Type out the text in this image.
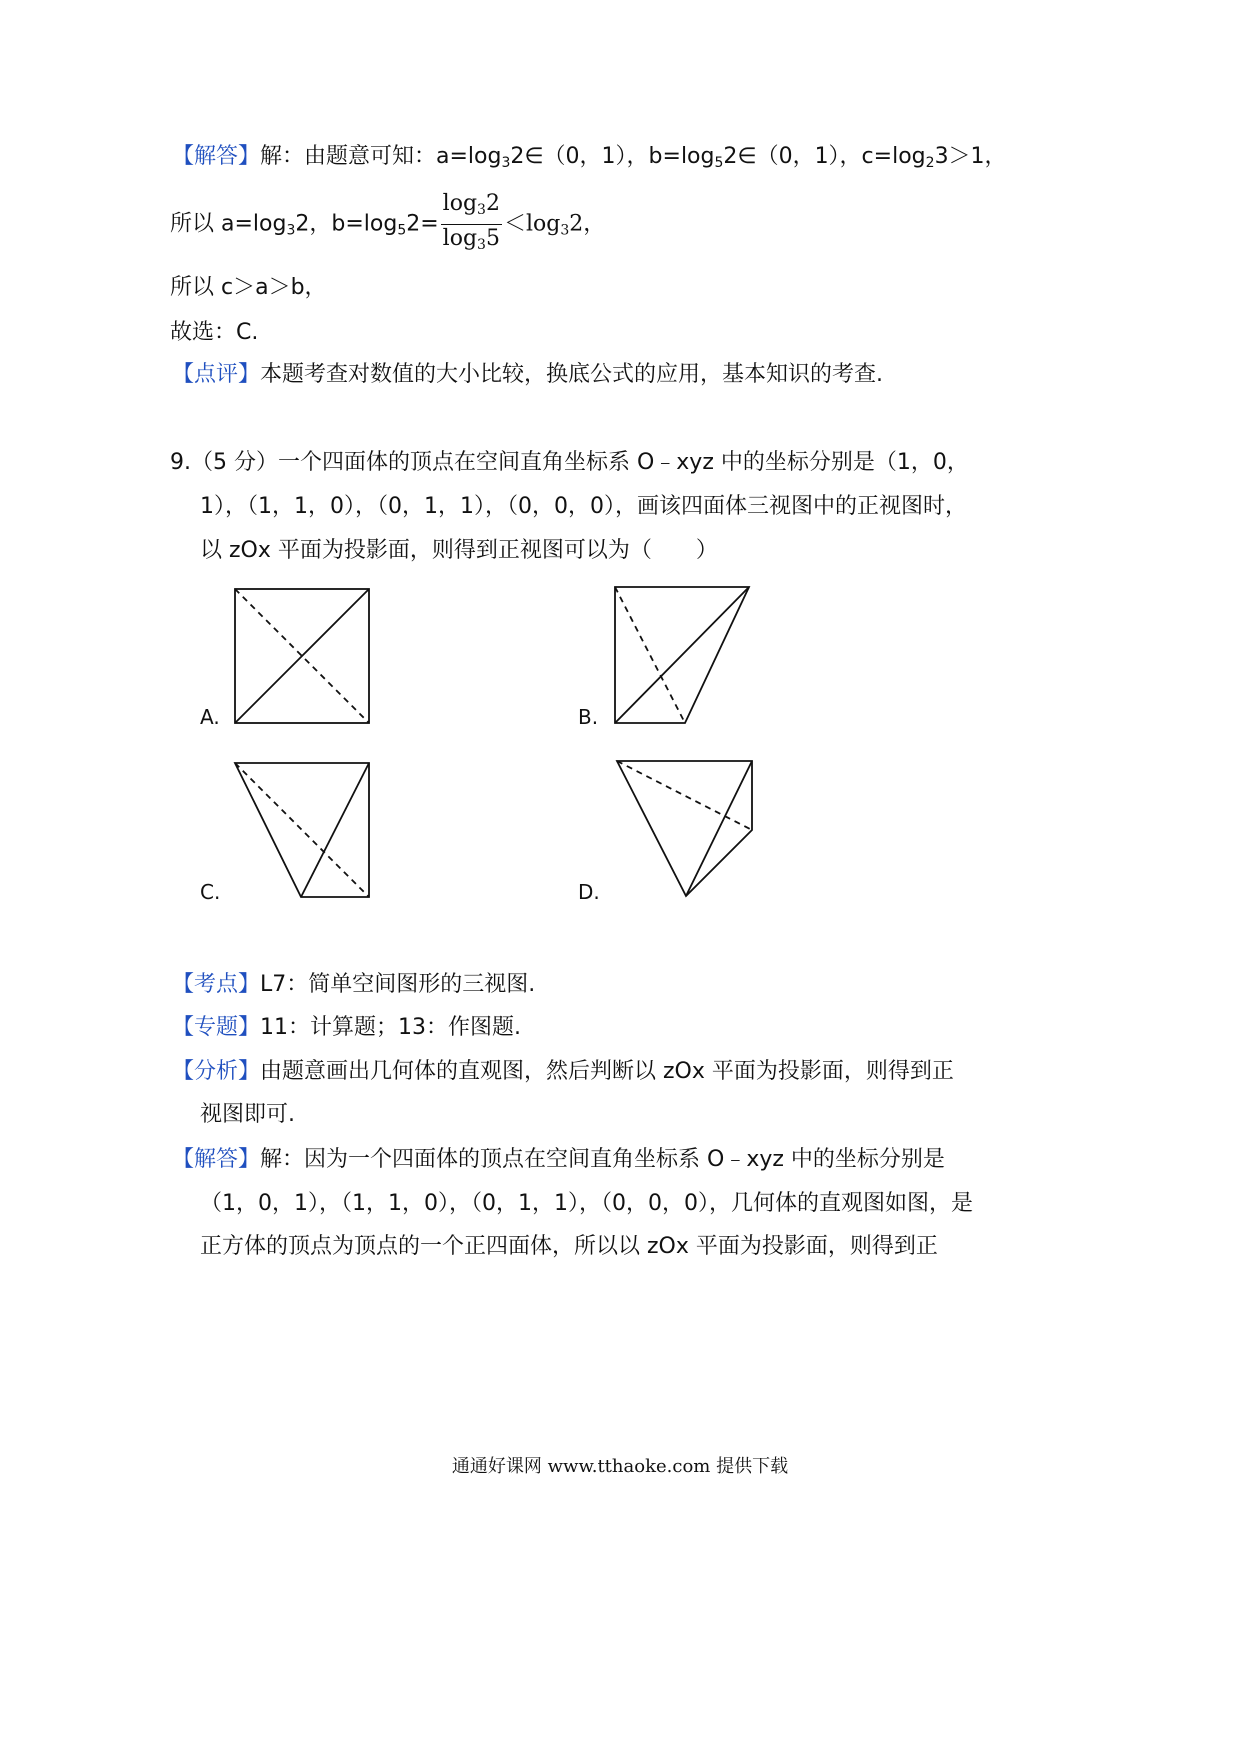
【解答】解：由题意可知：$a=\log_32\in(0$，1），$b=\log_52\in(0$，1），$c=\log_23>1$，
所以 $a=\log_32$，$b=\log_52= \frac{\log_32}{\log_35} <\log_32$，
所以 c＞a＞b，
故选：C.
【点评】本题考查对数值的大小比较，换底公式的应用，基本知识的考查.
9.（5 分）一个四面体的顶点在空间直角坐标系 O﹣xyz 中的坐标分别是（1，0，
1），（1，1，0），（0，1，1），（0，0，0），画该四面体三视图中的正视图时，
以 zOx 平面为投影面，则得到正视图可以为（　　）
A.	B.
C.	D.
【考点】L7：简单空间图形的三视图.
【专题】11：计算题；13：作图题.
【分析】由题意画出几何体的直观图，然后判断以 zOx 平面为投影面，则得到正
视图即可.
【解答】解：因为一个四面体的顶点在空间直角坐标系 O﹣xyz 中的坐标分别是
（1，0，1），（1，1，0），（0，1，1），（0，0，0），几何体的直观图如图，是
正方体的顶点为顶点的一个正四面体，所以以 zOx 平面为投影面，则得到正
通通好课网 www.tthaoke.com 提供下载
